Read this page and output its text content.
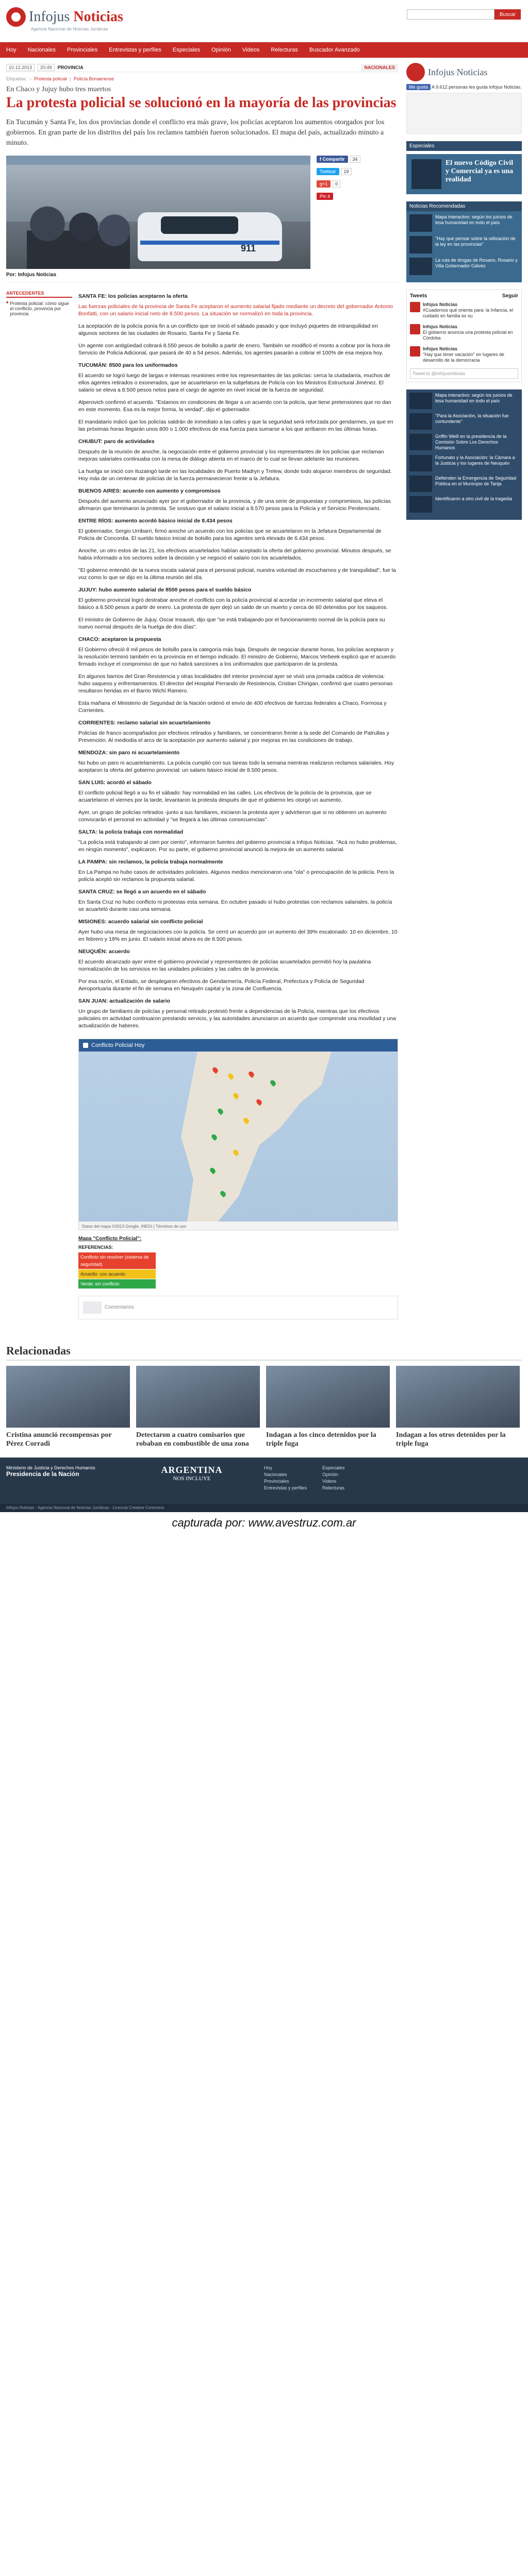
Infojus Noticias
Agencia Nacional de Noticias Jurídicas
Buscar
Hoy	Nacionales	Provinciales	Entrevistas y perfiles	Especiales	Opinión	Videos	Relecturas	Buscador Avanzado
10.12.2013	20:49	PROVINCIA	NACIONALES
Etiquetas: › Protesta policial | Policía Bonaerense
En Chaco y Jujuy hubo tres muertos
La protesta policial se solucionó en la mayoría de las provincias

En Tucumán y Santa Fe, los dos provincias donde el conflicto era más grave, los policías aceptaron los aumentos otorgados por los gobiernos. En gran parte de los distritos del país los reclamos también fueron solucionados. El mapa del país, actualizado minuto a minuto.

911
f Compartir	34
Twittear	19
g+1	0
Pin it
Por: Infojus Noticias
ANTECEDENTES
■ Protesta policial: cómo sigue el conflicto, provincia por provincia
SANTA FE: los policías aceptaron la oferta

Las fuerzas policiales de la provincia de Santa Fe aceptaron el aumento salarial fijado mediante un decreto del gobernador Antonio Bonfatti, con un salario inicial neto de 8.500 pesos. La situación se normalizó en toda la provincia.

La aceptación de la policía ponía fin a un conflicto que se inició el sábado pasado y que incluyó piquetes de intranquilidad en algunos sectores de las ciudades de Rosario, Santa Fe y Santa Fe.

Un agente con antigüedad cobrará 8.550 pesos de bolsillo a partir de enero. También se modificó el monto a cobrar por la hora de Servicio de Policía Adicional, que pasará de 40 a 54 pesos. Además, los agentes pasarán a cobrar el 100% de esa mejora hoy.

TUCUMÁN: 8500 para los uniformados

El acuerdo se logró luego de largas e intensas reuniones entre los representantes de las policías: cerca la ciudadanía, muchos de ellos agentes retirados o exonerados, que se acuartelaron en la subjefatura de Policía con los Ministros Estructural Jiménez. El salario se eleva a 8.500 pesos netos para el cargo de agente en nivel inicial de la fuerza de seguridad.

Alperovich confirmó el acuerdo. "Estamos en condiciones de llegar a un acuerdo con la policía, que tiene pretensiones que no dan en este momento. Esa es la mejor forma, la verdad", dijo el gobernador.

El mandatario indicó que los policías saldrán de inmediato a las calles y que la seguridad será reforzada por gendarmes, ya que en las próximas horas llegarán unos 800 o 1.000 efectivos de esa fuerza para sumarse a los que arribaron en las últimas horas.

CHUBUT: paro de actividades

Después de la reunión de anoche, la negociación entre el gobierno provincial y los representantes de los policías que reclaman mejoras salariales continuaba con la mesa de diálogo abierta en el marco de lo cual se llevan adelante las reuniones.

La huelga se inició con Ituzaingó tarde en las localidades de Puerto Madryn y Trelew, donde todo alojaron miembros de seguridad. Hoy más de un centenar de policías de la fuerza permanecieron frente a la Jefatura.

BUENOS AIRES: acuerdo con aumento y compromisos

Después del aumento anunciado ayer por el gobernador de la provincia, y de una serie de propuestas y compromisos, las policías afirmaron que terminaron la protesta. Se sostuvo que el salario inicial a 8.570 pesos para la Policía y el Servicio Penitenciario.

ENTRE RÍOS: aumento acordó básico inicial de 8.434 pesos

El gobernador, Sergio Urribarri, firmó anoche un acuerdo con los policías que se acuartelaron en la Jefatura Departamental de Policía de Concordia. El sueldo básico inicial de bolsillo para los agentes será elevado de 6.434 pesos.

Anoche, un otro estos de las 21, los efectivos acuartelados habían aceptado la oferta del gobierno provincial. Minutos después, se había informado a los sectores sobre la decisión y se negoció el salario con los acuartelados.

"El gobierno entendió de la nueva escala salarial para el personal policial, nuestra voluntad de escucharnos y de tranquilidad", fue la voz como lo que se dijo en la última reunión del día.

JUJUY: hubo aumento salarial de 8500 pesos para el sueldo básico

El gobierno provincial logró destrabar anoche el conflicto con la policía provincial al acordar un incremento salarial que eleva el básico a 8.500 pesos a partir de enero. La protesta de ayer dejó un saldo de un muerto y cerca de 60 detenidos por los saqueos.

El ministro de Gobierno de Jujuy, Oscar Insausti, dijo que "se está trabajando por el funcionamiento normal de la policía para su nuevo normal después de la huelga de dos días".

CHACO: aceptaron la propuesta

El Gobierno ofreció 8 mil pesos de bolsillo para la categoría más baja. Después de negociar durante horas, los policías aceptaron y la resolución terminó también en la provincia en el tiempo indicado. El ministro de Gobierno, Marcos Verbeek explicó que el acuerdo firmado incluye el compromiso de que no habrá sanciones a los uniformados que participaron de la protesta.

En algunos barrios del Gran Resistencia y otras localidades del interior provincial ayer se vivió una jornada caótica de violencia: hubo saqueos y enfrentamientos. El director del Hospital Perrando de Resistencia, Cristian Chirigan, confirmó que cuatro personas resultaron heridas en el Barrio Wichí Ramero.

Esta mañana el Ministerio de Seguridad de la Nación ordenó el envío de 400 efectivos de fuerzas federales a Chaco, Formosa y Corrientes.

CORRIENTES: reclamo salarial sin acuartelamiento

Policías de franco acompañados por efectivos retirados y familiares, se concentraron frente a la sede del Comando de Patrullas y Prevención. Al mediodía el arco de la aceptación por aumento salarial y por mejoras en las condiciones de trabajo.

MENDOZA: sin paro ni acuartelamiento

No hubo un paro ni acuartelamiento. La policía cumplió con sus tareas todo la semana mientras realizaron reclamos salariales. Hoy aceptaron la oferta del gobierno provincial: un salario básico inicial de 8.500 pesos.

SAN LUIS: acordó el sábado

El conflicto policial llegó a su fin el sábado: hay normalidad en las calles. Los efectivos de la policía de la provincia, que se acuartelaron el viernes por la tarde, levantaron la protesta después de que el gobierno les otorgó un aumento.

Ayer, un grupo de policías retirados -junto a sus familiares, iniciaron la protesta ayer y advirtieron que si no obtienen un aumento convocarán el personal en actividad y "se llegará a las últimas consecuencias".

SALTA: la policía trabaja con normalidad

"La policía está trabajando al cien por ciento", informaron fuentes del gobierno provincial a Infojus Noticias. "Acá no hubo problemas, en ningún momento", explicaron. Por su parte, el gobierno provincial anunció la mejora de un aumento salarial.

LA PAMPA: sin reclamos, la policía trabaja normalmente

En La Pampa no hubo casos de actividades policiales. Algunos medios mencionaron una "ola" o preocupación de la policía. Pero la policía aceptó sin reclamos la propuesta salarial.

SANTA CRUZ: se llegó a un acuerdo en el sábado

En Santa Cruz no hubo conflicto ni protestas esta semana. En octubre pasado sí hubo protestas con reclamos salariales, la policía se acuarteló durante casi una semana.

MISIONES: acuerdo salarial sin conflicto policial

Ayer hubo una mesa de negociaciones con la policía. Se cerró un acuerdo por un aumento del 39% escalonado: 10 en diciembre, 10 en febrero y 19% en junio. El salario inicial ahora es de 8.500 pesos.

NEUQUÉN: acuerdo

El acuerdo alcanzado ayer entre el gobierno provincial y representantes de policías acuartelados permitió hoy la paulatina normalización de los servicios en las unidades policiales y las calles de la provincia.

Por esa razón, el Estado, se desplegaron efectivos de Gendarmería, Policía Federal, Prefectura y Policía de Seguridad Aeroportuaria durante el fin de semana en Neuquén capital y la zona de Confluencia.

SAN JUAN: actualización de salario

Un grupo de familiares de policías y personal retirado protestó frente a dependencias de la Policía, mientras que los efectivos policiales en actividad continuaron prestando servicio, y las autoridades anunciaron un acuerdo que comprende una movilidad y una actualización de haberes.

Conflicto Policial Hoy
Datos del mapa ©2013 Google, INEGI | Términos de uso
Mapa "Conflicto Policial":
REFERENCIAS:
Conflicto sin resolver (sistema de seguridad)
Amarillo: con acuerdo
Verde: sin conflicto
Comentarios
Infojus Noticias
Me gusta A 9.612 personas les gusta Infojus Noticias.
Especiales
El nuevo Código Civil y Comercial ya es una realidad
Noticias Recomendadas
Mapa interactivo: según los juicios de lesa humanidad en todo el país
"Hay que pensar sobre la utilización de la ley en las provincias"
La ruta de drogas de Rosario, Rosario y Villa Gobernador Gálvez
Tweets	Seguir
Infojus Noticias
#Cuadernos qué orienta para: la Infancia, el cuidado en familia es su
Infojus Noticias
El gobierno anuncia una protesta policial en Córdoba
Infojus Noticias
"Hay que tener vacación" en lugares de desarrollo de la democracia
Tweet to @infojusnoticias
Mapa interactivo: según los juicios de lesa humanidad en todo el país
"Para la Asociación, la situación fue contundente"
Griffin Weill en la presidencia de la Comisión Sobre Los Derechos Humanos
Fortunato y la Asociación: la Cámara a la Justicia y los lugares de Neuquén
Defienden la Emergencia de Seguridad Pública en el Municipio de Tarija
Identificaron a otro civil de la tragedia
Relacionadas
Cristina anunció recompensas por Pérez Corradi
Detectaron a cuatro comisarios que robaban en combustible de una zona
Indagan a los cinco detenidos por la triple fuga
Indagan a los otros detenidos por la triple fuga
Ministerio de Justicia y Derechos Humanos
Presidencia de la Nación	ARGENTINA
NOS INCLUYE
Hoy
Nacionales
Provinciales
Entrevistas y perfiles
Especiales
Opinión
Videos
Relecturas
Infojus Noticias - Agencia Nacional de Noticias Jurídicas - Licencia Creative Commons
capturada por: www.avestruz.com.ar
